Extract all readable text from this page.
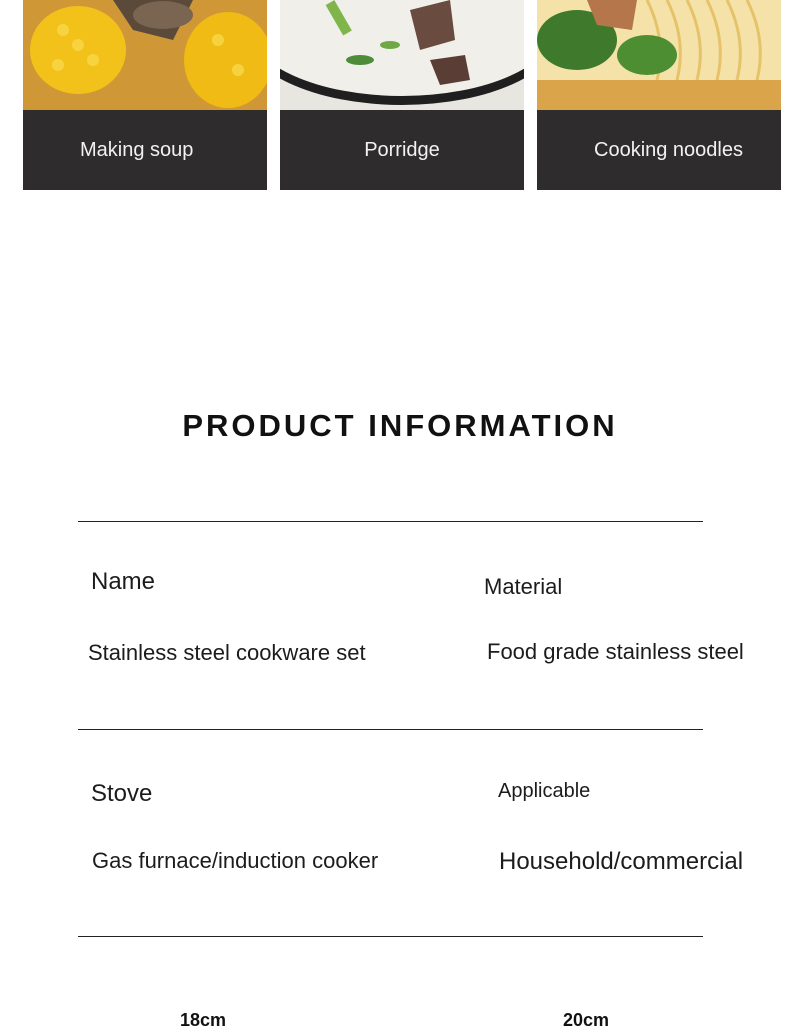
Making soup	Porridge	Cooking noodles
PRODUCT INFORMATION
Name	Material
Stainless steel cookware set	Food grade stainless steel
Stove	Applicable
Gas furnace/induction cooker	Household/commercial
18cm	20cm
